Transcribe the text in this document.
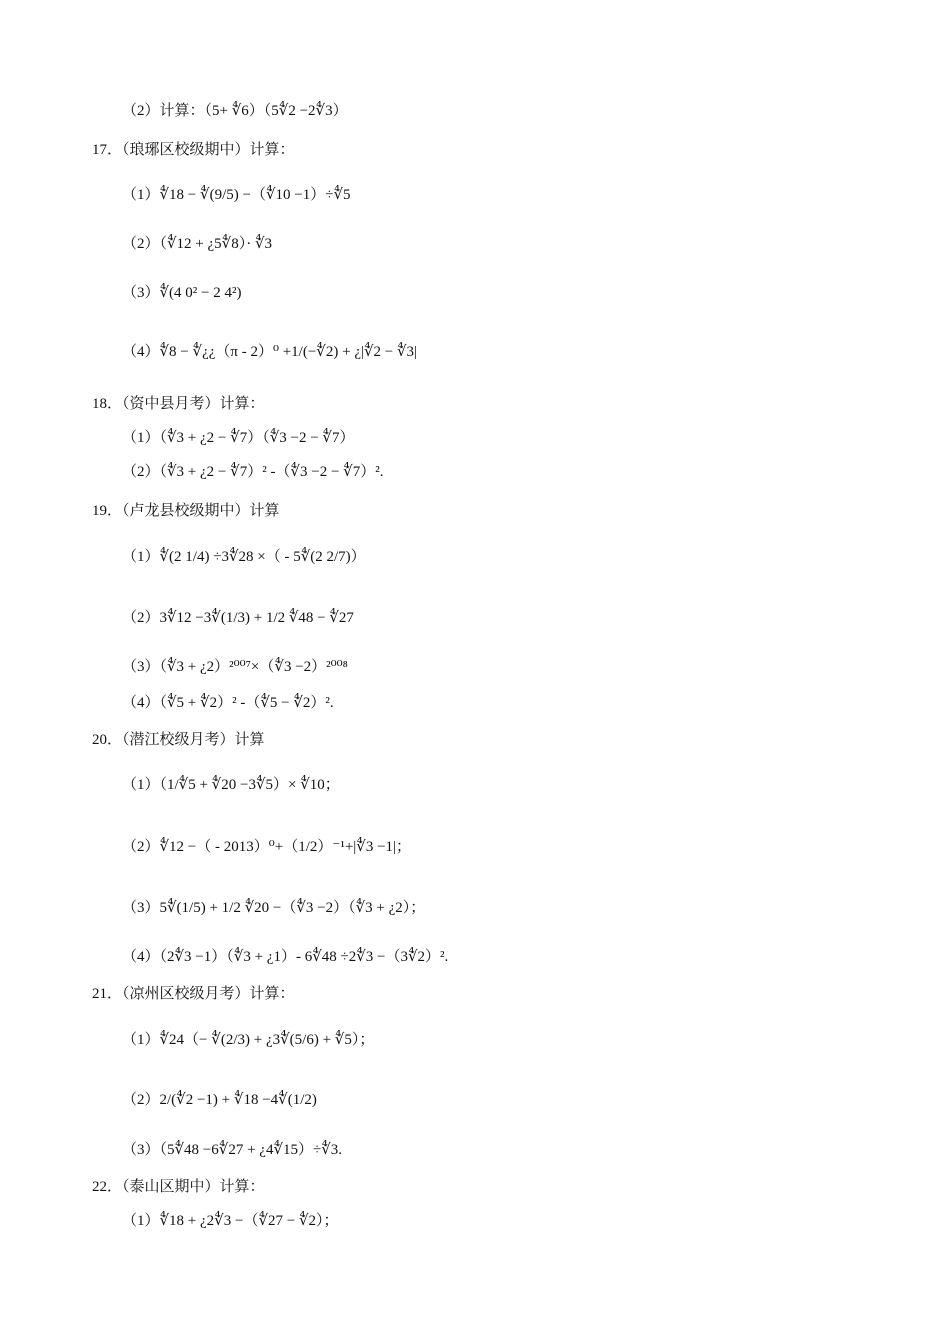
（2）计算：（5+ ∜6）（5∜2 −2∜3）
17．（琅琊区校级期中）计算：
（1）∜18 − ∜(9/5) −（∜10 −1）÷∜5
（2）（∜12 + ¿5∜8）· ∜3
（3）∜(4 0² − 2 4²)
（4）∜8 − ∜¿¿（π - 2）⁰ +1/(−∜2) + ¿|∜2 − ∜3|
18．（资中县月考）计算：
（1）（∜3 + ¿2 − ∜7）（∜3 −2 − ∜7）
（2）（∜3 + ¿2 − ∜7）² -（∜3 −2 − ∜7）².
19．（卢龙县校级期中）计算
（1）∜(2 1/4) ÷3∜28 ×（ - 5∜(2 2/7)）
（2）3∜12 −3∜(1/3) + 1/2 ∜48 − ∜27
（3）（∜3 + ¿2）²⁰⁰⁷×（∜3 −2）²⁰⁰⁸
（4）（∜5 + ∜2）² -（∜5 − ∜2）².
20．（潜江校级月考）计算
（1）（1/∜5 + ∜20 −3∜5）× ∜10；
（2）∜12 −（ - 2013）⁰+（1/2）⁻¹+|∜3 −1|；
（3）5∜(1/5) + 1/2 ∜20 −（∜3 −2）（∜3 + ¿2）；
（4）（2∜3 −1）（∜3 + ¿1）- 6∜48 ÷2∜3 −（3∜2）².
21．（凉州区校级月考）计算：
（1）∜24（− ∜(2/3) + ¿3∜(5/6) + ∜5）；
（2）2/(∜2 −1) + ∜18 −4∜(1/2)
（3）（5∜48 −6∜27 + ¿4∜15）÷∜3.
22．（泰山区期中）计算：
（1）∜18 + ¿2∜3 −（∜27 − ∜2）；
